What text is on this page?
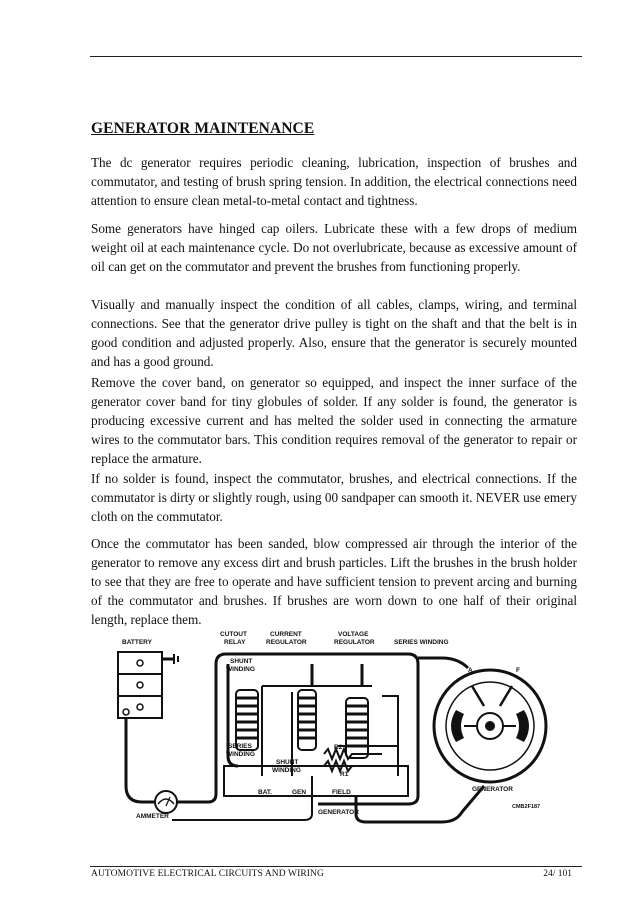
GENERATOR MAINTENANCE

The dc generator requires periodic cleaning, lubrication, inspection of brushes and commutator, and testing of brush spring tension. In addition, the electrical connections need attention to ensure clean metal-to-metal contact and tightness.

Some generators have hinged cap oilers. Lubricate these with a few drops of medium weight oil at each maintenance cycle. Do not overlubricate, because as excessive amount of oil can get on the commutator and prevent the brushes from functioning properly.

Visually and manually inspect the condition of all cables, clamps, wiring, and terminal connections. See that the generator drive pulley is tight on the shaft and that the belt is in good condition and adjusted properly. Also, ensure that the generator is securely mounted and has a good ground.

Remove the cover band, on generator so equipped, and inspect the inner surface of the generator cover band for tiny globules of solder. If any solder is found, the generator is producing excessive current and has melted the solder used in connecting the armature wires to the commutator bars. This condition requires removal of the generator to repair or replace the armature.

If no solder is found, inspect the commutator, brushes, and electrical connections. If the commutator is dirty or slightly rough, using 00 sandpaper can smooth it. NEVER use emery cloth on the commutator.

Once the commutator has been sanded, blow compressed air through the interior of the generator to remove any excess dirt and brush particles. Lift the brushes in the brush holder to see that they are free to operate and have sufficient tension to prevent arcing and burning of the commutator and brushes. If brushes are worn down to one half of their original length, replace them.

BATTERY
CUTOUT
RELAY
CURRENT
REGULATOR
VOLTAGE
REGULATOR	SERIES WINDING
SHUNT
WINDING
SERIES
WINDING
SHUNT
WINDING
R2
R1
BAT.	GEN	FIELD
GENERATOR
GENERATOR
AMMETER
A	F
CMB2F187
AUTOMOTIVE ELECTRICAL CIRCUITS AND WIRING	24/ 101
